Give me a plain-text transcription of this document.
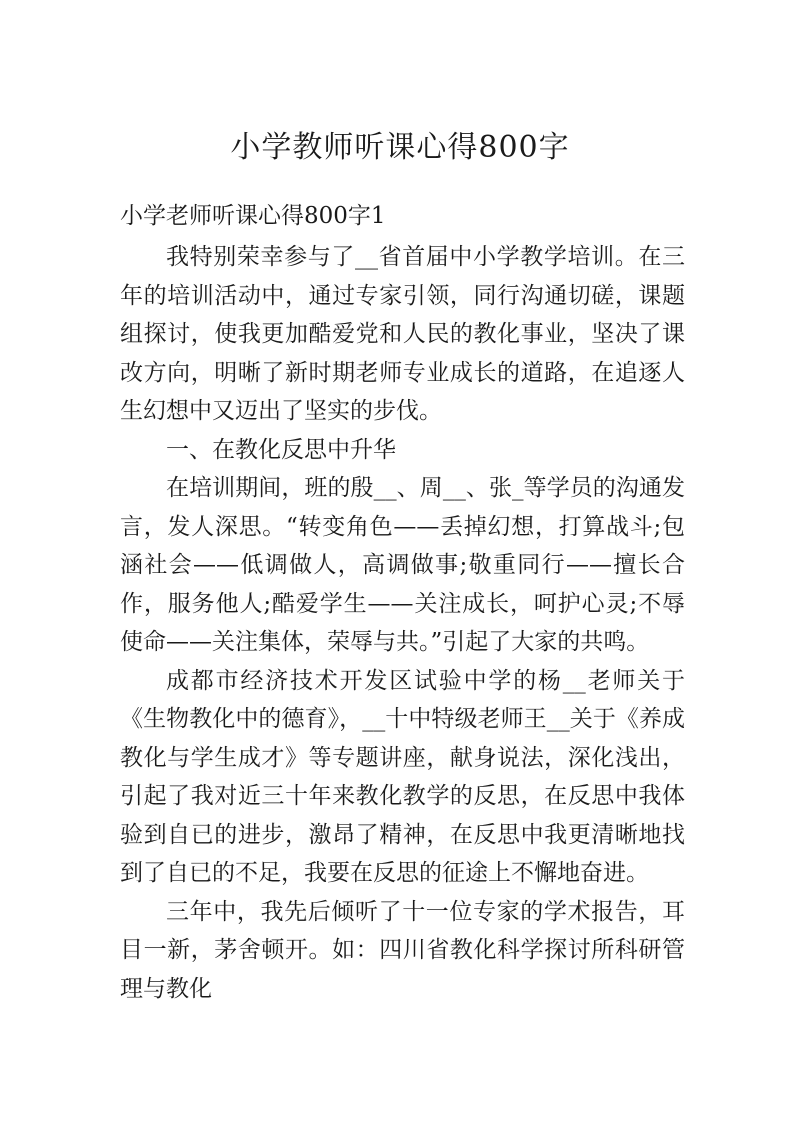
小学教师听课心得800字
小学老师听课心得800字1

我特别荣幸参与了__省首届中小学教学培训。在三年的培训活动中，通过专家引领，同行沟通切磋，课题组探讨，使我更加酷爱党和人民的教化事业，坚决了课改方向，明晰了新时期老师专业成长的道路，在追逐人生幻想中又迈出了坚实的步伐。

一、在教化反思中升华

在培训期间，班的殷__、周__、张_等学员的沟通发言，发人深思。“转变角色——丢掉幻想，打算战斗;包涵社会——低调做人，高调做事;敬重同行——擅长合作，服务他人;酷爱学生——关注成长，呵护心灵;不辱使命——关注集体，荣辱与共。”引起了大家的共鸣。

成都市经济技术开发区试验中学的杨__老师关于《生物教化中的德育》，__十中特级老师王__关于《养成教化与学生成才》等专题讲座，献身说法，深化浅出，引起了我对近三十年来教化教学的反思，在反思中我体验到自已的进步，激昂了精神，在反思中我更清晰地找到了自已的不足，我要在反思的征途上不懈地奋进。

三年中，我先后倾听了十一位专家的学术报告，耳目一新，茅舍顿开。如：四川省教化科学探讨所科研管理与教化
